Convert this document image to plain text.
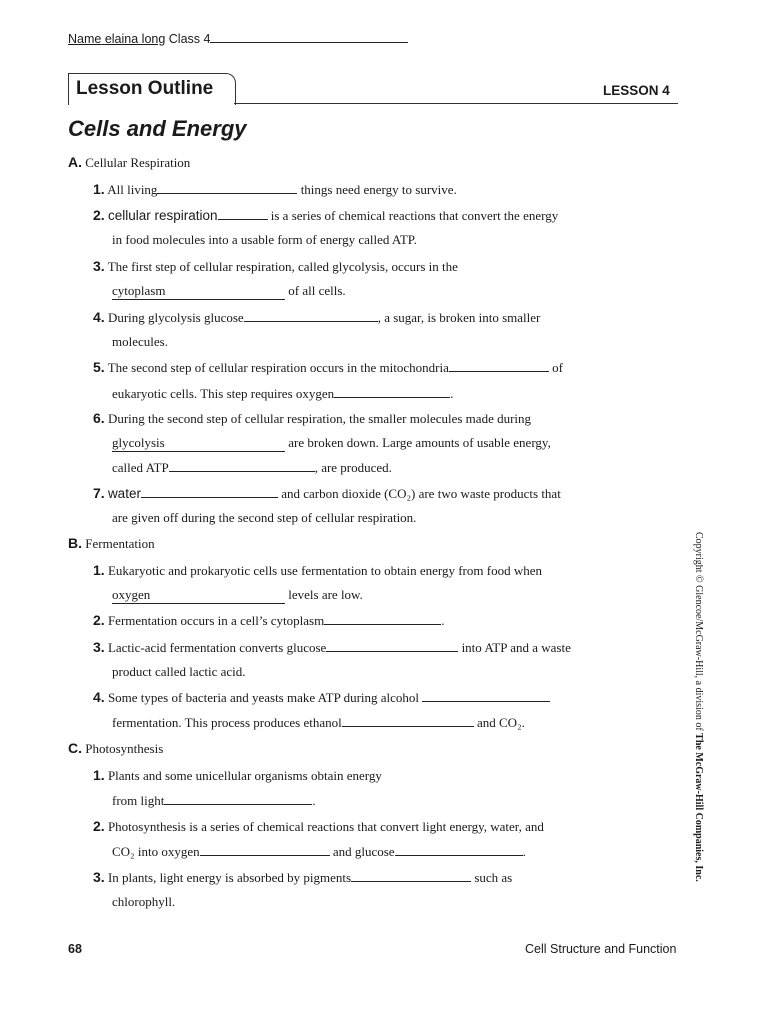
Name elaina long Class 4
Lesson Outline	LESSON 4
Cells and Energy
A. Cellular Respiration
1. All living	things need energy to survive.
2. cellular respiration	is a series of chemical reactions that convert the energy
in food molecules into a usable form of energy called ATP.
3. The first step of cellular respiration, called glycolysis, occurs in the
cytoplasm	of all cells.
4. During glycolysis glucose	, a sugar, is broken into smaller
molecules.
5. The second step of cellular respiration occurs in the mitochondria	of
eukaryotic cells. This step requires oxygen	.
6. During the second step of cellular respiration, the smaller molecules made during
glycolysis	are broken down. Large amounts of usable energy,
called ATP	, are produced.
7. water	and carbon dioxide (CO₂) are two waste products that
are given off during the second step of cellular respiration.
B. Fermentation
1. Eukaryotic and prokaryotic cells use fermentation to obtain energy from food when
oxygen	levels are low.
2. Fermentation occurs in a cell’s cytoplasm	.
3. Lactic-acid fermentation converts glucose	into ATP and a waste
product called lactic acid.
4. Some types of bacteria and yeasts make ATP during alcohol
fermentation. This process produces ethanol	and CO₂.
C. Photosynthesis
1. Plants and some unicellular organisms obtain energy
from light	.
2. Photosynthesis is a series of chemical reactions that convert light energy, water, and
CO₂ into oxygen	and glucose	.
3. In plants, light energy is absorbed by pigments	such as
chlorophyll.
Copyright © Glencoe/McGraw-Hill, a division of The McGraw-Hill Companies, Inc.
68	Cell Structure and Function
